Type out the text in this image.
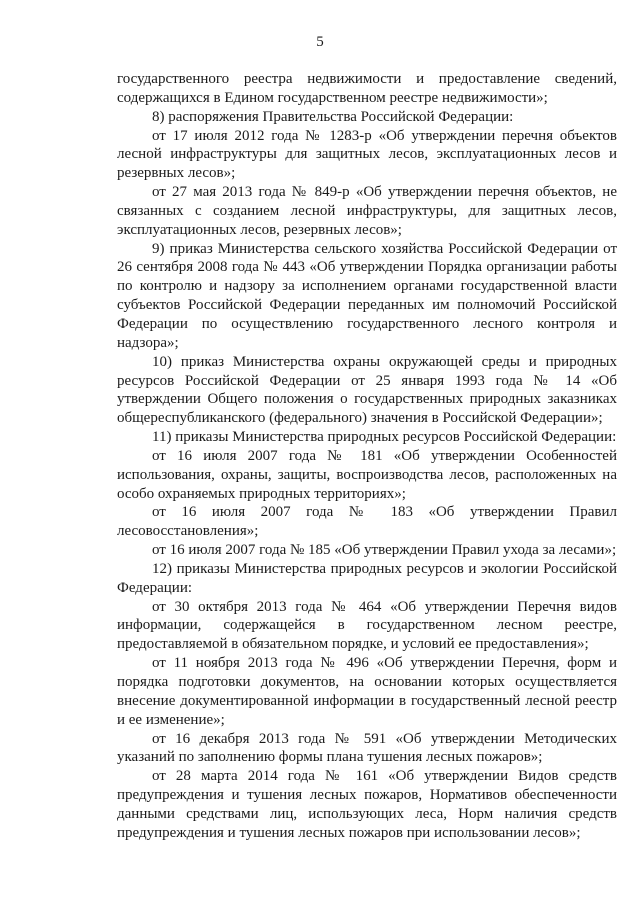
5

государственного реестра недвижимости и предоставление сведений, содержащихся в Едином государственном реестре недвижимости»;

8) распоряжения Правительства Российской Федерации:

от 17 июля 2012 года № 1283-р «Об утверждении перечня объектов лесной инфраструктуры для защитных лесов, эксплуатационных лесов и резервных лесов»;

от 27 мая 2013 года № 849-р «Об утверждении перечня объектов, не связанных с созданием лесной инфраструктуры, для защитных лесов, эксплуатационных лесов, резервных лесов»;

9) приказ Министерства сельского хозяйства Российской Федерации от 26 сентября 2008 года № 443 «Об утверждении Порядка организации работы по контролю и надзору за исполнением органами государственной власти субъектов Российской Федерации переданных им полномочий Российской Федерации по осуществлению государственного лесного контроля и надзора»;

10) приказ Министерства охраны окружающей среды и природных ресурсов Российской Федерации от 25 января 1993 года № 14 «Об утверждении Общего положения о государственных природных заказниках общереспубликанского (федерального) значения в Российской Федерации»;

11) приказы Министерства природных ресурсов Российской Федерации:

от 16 июля 2007 года № 181 «Об утверждении Особенностей использования, охраны, защиты, воспроизводства лесов, расположенных на особо охраняемых природных территориях»;

от 16 июля 2007 года № 183 «Об утверждении Правил лесовосстановления»;

от 16 июля 2007 года № 185 «Об утверждении Правил ухода за лесами»;

12) приказы Министерства природных ресурсов и экологии Российской Федерации:

от 30 октября 2013 года № 464 «Об утверждении Перечня видов информации, содержащейся в государственном лесном реестре, предоставляемой в обязательном порядке, и условий ее предоставления»;

от 11 ноября 2013 года № 496 «Об утверждении Перечня, форм и порядка подготовки документов, на основании которых осуществляется внесение документированной информации в государственный лесной реестр и ее изменение»;

от 16 декабря 2013 года № 591 «Об утверждении Методических указаний по заполнению формы плана тушения лесных пожаров»;

от 28 марта 2014 года № 161 «Об утверждении Видов средств предупреждения и тушения лесных пожаров, Нормативов обеспеченности данными средствами лиц, использующих леса, Норм наличия средств предупреждения и тушения лесных пожаров при использовании лесов»;
